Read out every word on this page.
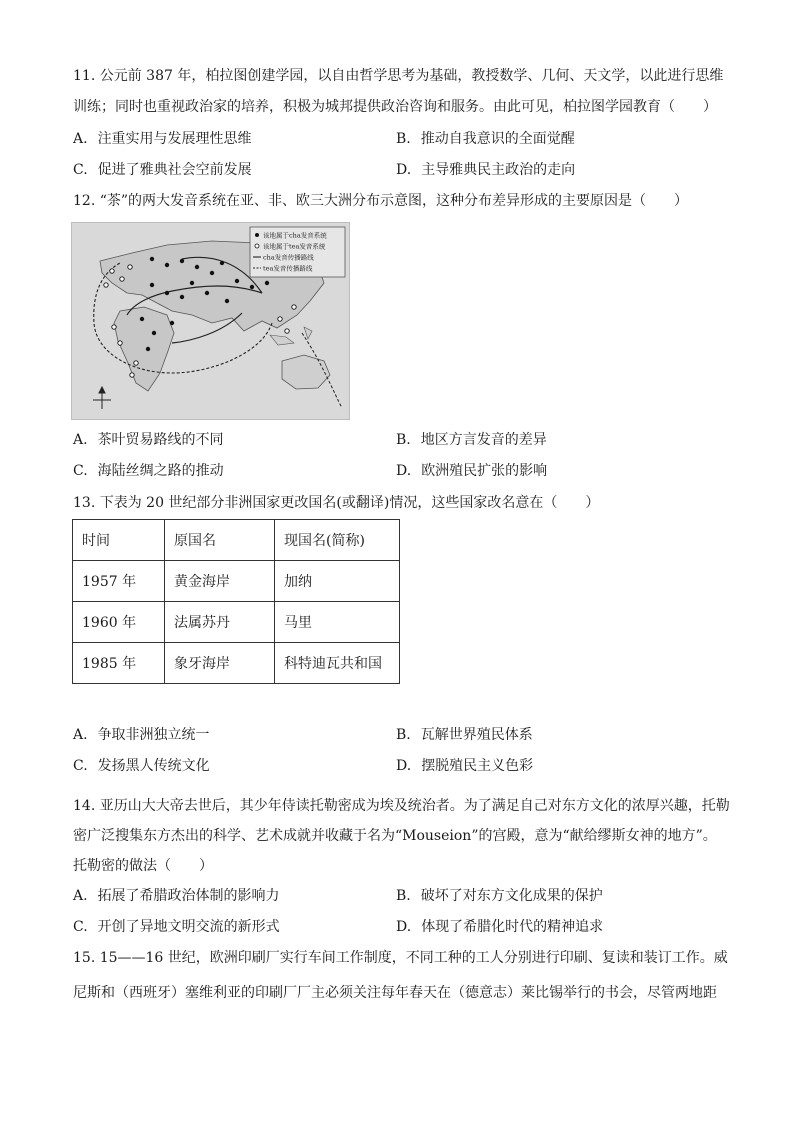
11. 公元前 387 年，柏拉图创建学园，以自由哲学思考为基础，教授数学、几何、天文学，以此进行思维
训练；同时也重视政治家的培养，积极为城邦提供政治咨询和服务。由此可见，柏拉图学园教育（　　）
A. 注重实用与发展理性思维	B. 推动自我意识的全面觉醒
C. 促进了雅典社会空前发展	D. 主导雅典民主政治的走向
12. “茶”的两大发音系统在亚、非、欧三大洲分布示意图，这种分布差异形成的主要原因是（　　）
该地属于cha发音系统
该地属于tea发音系统
cha发音传播路线
tea发音传播路线
A. 茶叶贸易路线的不同	B. 地区方言发音的差异
C. 海陆丝绸之路的推动	D. 欧洲殖民扩张的影响
13. 下表为 20 世纪部分非洲国家更改国名(或翻译)情况，这些国家改名意在（　　）
时间	原国名	现国名(简称)
1957 年	黄金海岸	加纳
1960 年	法属苏丹	马里
1985 年	象牙海岸	科特迪瓦共和国
A. 争取非洲独立统一	B. 瓦解世界殖民体系
C. 发扬黑人传统文化	D. 摆脱殖民主义色彩
14. 亚历山大大帝去世后，其少年侍读托勒密成为埃及统治者。为了满足自己对东方文化的浓厚兴趣，托勒
密广泛搜集东方杰出的科学、艺术成就并收藏于名为“Mouseion”的宫殿，意为“献给缪斯女神的地方”。
托勒密的做法（　　）
A. 拓展了希腊政治体制的影响力	B. 破坏了对东方文化成果的保护
C. 开创了异地文明交流的新形式	D. 体现了希腊化时代的精神追求
15. 15——16 世纪，欧洲印刷厂实行车间工作制度，不同工种的工人分别进行印刷、复读和装订工作。威
尼斯和（西班牙）塞维利亚的印刷厂厂主必须关注每年春天在（德意志）莱比锡举行的书会，尽管两地距
